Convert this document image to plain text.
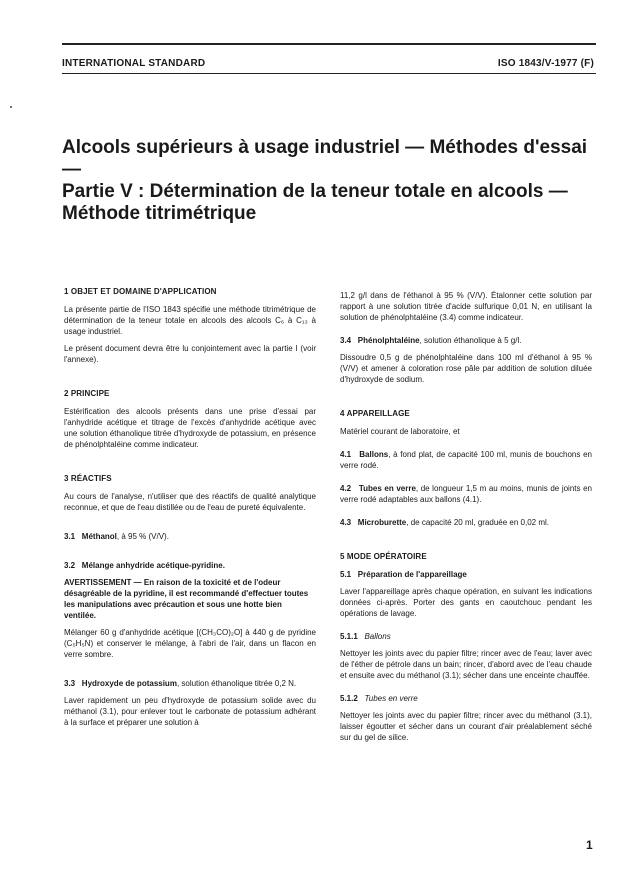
INTERNATIONAL STANDARD	ISO 1843/V-1977 (F)
Alcools supérieurs à usage industriel — Méthodes d'essai —
Partie V : Détermination de la teneur totale en alcools —
Méthode titrimétrique
1 OBJET ET DOMAINE D'APPLICATION
La présente partie de l'ISO 1843 spécifie une méthode titrimétrique de détermination de la teneur totale en alcools des alcools C₆ à C₁₃ à usage industriel.
Le présent document devra être lu conjointement avec la partie I (voir l'annexe).
2 PRINCIPE
Estérification des alcools présents dans une prise d'essai par l'anhydride acétique et titrage de l'excès d'anhydride acétique avec une solution éthanolique titrée d'hydroxyde de potassium, en présence de phénolphtaléine comme indicateur.
3 RÉACTIFS
Au cours de l'analyse, n'utiliser que des réactifs de qualité analytique reconnue, et que de l'eau distillée ou de l'eau de pureté équivalente.
3.1 Méthanol, à 95 % (V/V).
3.2 Mélange anhydride acétique-pyridine.
AVERTISSEMENT — En raison de la toxicité et de l'odeur désagréable de la pyridine, il est recommandé d'effectuer toutes les manipulations avec précaution et sous une hotte bien ventilée.
Mélanger 60 g d'anhydride acétique [(CH₃CO)₂O] à 440 g de pyridine (C₅H₅N) et conserver le mélange, à l'abri de l'air, dans un flacon en verre sombre.
3.3 Hydroxyde de potassium, solution éthanolique titrée 0,2 N.
Laver rapidement un peu d'hydroxyde de potassium solide avec du méthanol (3.1), pour enlever tout le carbonate de potassium adhérant à la surface et préparer une solution à
11,2 g/l dans de l'éthanol à 95 % (V/V). Étalonner cette solution par rapport à une solution titrée d'acide sulfurique 0,01 N, en utilisant la solution de phénolphtaléine (3.4) comme indicateur.
3.4 Phénolphtaléine, solution éthanolique à 5 g/l.
Dissoudre 0,5 g de phénolphtaléine dans 100 ml d'éthanol à 95 % (V/V) et amener à coloration rose pâle par addition de solution diluée d'hydroxyde de sodium.
4 APPAREILLAGE
Matériel courant de laboratoire, et
4.1 Ballons, à fond plat, de capacité 100 ml, munis de bouchons en verre rodé.
4.2 Tubes en verre, de longueur 1,5 m au moins, munis de joints en verre rodé adaptables aux ballons (4.1).
4.3 Microburette, de capacité 20 ml, graduée en 0,02 ml.
5 MODE OPÉRATOIRE
5.1 Préparation de l'appareillage
Laver l'appareillage après chaque opération, en suivant les indications données ci-après. Porter des gants en caoutchouc pendant les opérations de lavage.
5.1.1 Ballons
Nettoyer les joints avec du papier filtre; rincer avec de l'eau; laver avec de l'éther de pétrole dans un bain; rincer, d'abord avec de l'eau chaude et ensuite avec du méthanol (3.1); sécher dans une enceinte chauffée.
5.1.2 Tubes en verre
Nettoyer les joints avec du papier filtre; rincer avec du méthanol (3.1), laisser égoutter et sécher dans un courant d'air préalablement séché sur du gel de silice.
1
